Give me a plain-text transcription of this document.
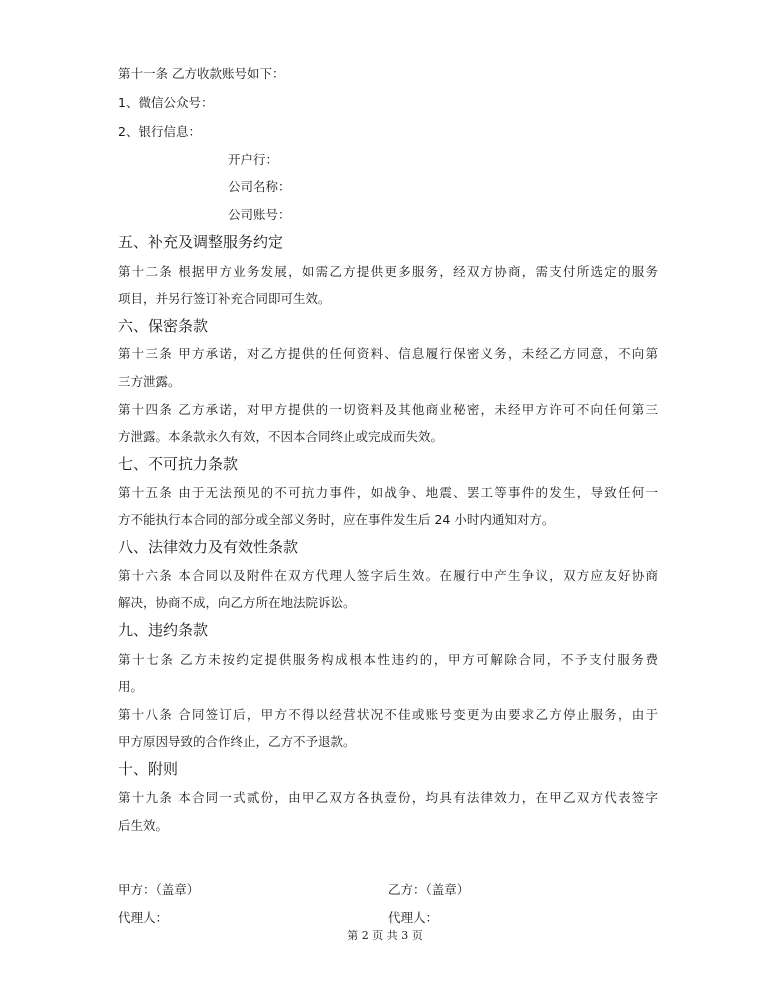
第十一条 乙方收款账号如下：
1、微信公众号：
2、银行信息：
开户行：
公司名称：
公司账号：
五、补充及调整服务约定
第十二条 根据甲方业务发展，如需乙方提供更多服务，经双方协商，需支付所选定的服务
项目，并另行签订补充合同即可生效。
六、保密条款
第十三条 甲方承诺，对乙方提供的任何资料、信息履行保密义务，未经乙方同意，不向第
三方泄露。
第十四条 乙方承诺，对甲方提供的一切资料及其他商业秘密，未经甲方许可不向任何第三
方泄露。本条款永久有效，不因本合同终止或完成而失效。
七、不可抗力条款
第十五条 由于无法预见的不可抗力事件，如战争、地震、罢工等事件的发生，导致任何一
方不能执行本合同的部分或全部义务时，应在事件发生后 24 小时内通知对方。
八、法律效力及有效性条款
第十六条 本合同以及附件在双方代理人签字后生效。在履行中产生争议，双方应友好协商
解决，协商不成，向乙方所在地法院诉讼。
九、违约条款
第十七条 乙方未按约定提供服务构成根本性违约的，甲方可解除合同，不予支付服务费
用。
第十八条 合同签订后，甲方不得以经营状况不佳或账号变更为由要求乙方停止服务，由于
甲方原因导致的合作终止，乙方不予退款。
十、附则
第十九条 本合同一式贰份，由甲乙双方各执壹份，均具有法律效力，在甲乙双方代表签字
后生效。
甲方：（盖章）	乙方：（盖章）
代理人：	代理人：
第 2 页 共 3 页
